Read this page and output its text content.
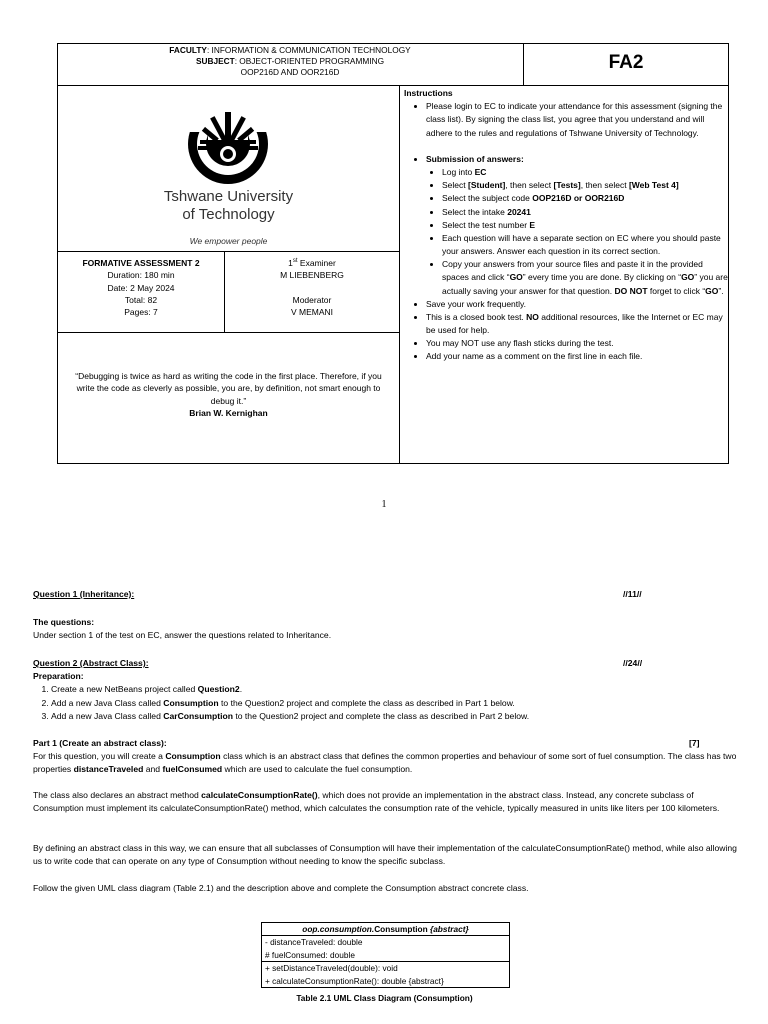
FACULTY: INFORMATION & COMMUNICATION TECHNOLOGY
SUBJECT: OBJECT-ORIENTED PROGRAMMING
OOP216D AND OOR216D	FA2
Tshwane University
of Technology
We empower people
FORMATIVE ASSESSMENT 2
Duration: 180 min
Date: 2 May 2024
Total: 82
Pages: 7
1st Examiner
M LIEBENBERG

Moderator
V MEMANI
“Debugging is twice as hard as writing the code in the first place. Therefore, if you write the code as cleverly as possible, you are, by definition, not smart enough to debug it.”
Brian W. Kernighan
Instructions
• Please login to EC to indicate your attendance for this assessment (signing the class list). By signing the class list, you agree that you understand and will adhere to the rules and regulations of Tshwane University of Technology.

• Submission of answers:
• Log into EC
• Select [Student], then select [Tests], then select [Web Test 4]
• Select the subject code OOP216D or OOR216D
• Select the intake 20241
• Select the test number E
• Each question will have a separate section on EC where you should paste your answers. Answer each question in its correct section.
• Copy your answers from your source files and paste it in the provided spaces and click “GO” every time you are done. By clicking on “GO” you are actually saving your answer for that question. DO NOT forget to click “GO”.
• Save your work frequently.
• This is a closed book test. NO additional resources, like the Internet or EC may be used for help.
• You may NOT use any flash sticks during the test.
• Add your name as a comment on the first line in each file.
1
Question 1 (Inheritance):	//11//
The questions:
Under section 1 of the test on EC, answer the questions related to Inheritance.
Question 2 (Abstract Class):	//24//
Preparation:
1. Create a new NetBeans project called Question2.
2. Add a new Java Class called Consumption to the Question2 project and complete the class as described in Part 1 below.
3. Add a new Java Class called CarConsumption to the Question2 project and complete the class as described in Part 2 below.
Part 1 (Create an abstract class):	[7]
For this question, you will create a Consumption class which is an abstract class that defines the common properties and behaviour of some sort of fuel consumption. The class has two properties distanceTraveled and fuelConsumed which are used to calculate the fuel consumption.
The class also declares an abstract method calculateConsumptionRate(), which does not provide an implementation in the abstract class. Instead, any concrete subclass of Consumption must implement its calculateConsumptionRate() method, which calculates the consumption rate of the vehicle, typically measured in units like liters per 100 kilometers.
By defining an abstract class in this way, we can ensure that all subclasses of Consumption will have their implementation of the calculateConsumptionRate() method, while also allowing us to write code that can operate on any type of Consumption without needing to know the specific subclass.
Follow the given UML class diagram (Table 2.1) and the description above and complete the Consumption abstract concrete class.
oop.consumption.Consumption {abstract}
- distanceTraveled: double
# fuelConsumed: double
+ setDistanceTraveled(double): void
+ calculateConsumptionRate(): double {abstract}
Table 2.1 UML Class Diagram (Consumption)
